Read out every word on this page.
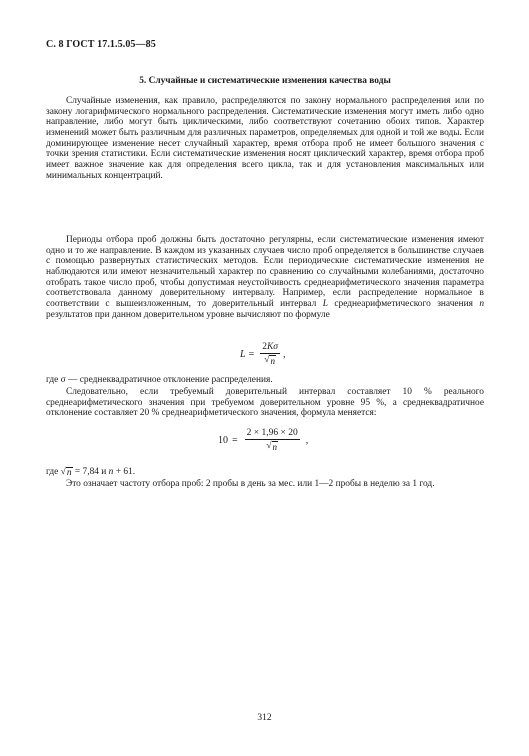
С. 8 ГОСТ 17.1.5.05—85
5. Случайные и систематические изменения качества воды

Случайные изменения, как правило, распределяются по закону нормального распределения или по закону логарифмического нормального распределения. Систематические изменения могут иметь либо одно направление, либо могут быть циклическими, либо соответствуют сочетанию обоих типов. Характер изменений может быть различным для различных параметров, определяемых для одной и той же воды. Если доминирующее изменение несет случайный характер, время отбора проб не имеет большого значения с точки зрения статистики. Если систематические изменения носят циклический характер, время отбора проб имеет важное значение как для определения всего цикла, так и для установления максимальных или минимальных концентраций.

Периоды отбора проб должны быть достаточно регулярны, если систематические изменения имеют одно и то же направление. В каждом из указанных случаев число проб определяется в большинстве случаев с помощью развернутых статистических методов. Если периодические систематические изменения не наблюдаются или имеют незначительный характер по сравнению со случайными колебаниями, достаточно отобрать такое число проб, чтобы допустимая неустойчивость среднеарифметического значения параметра соответствовала данному доверительному интервалу. Например, если распределение нормальное в соответствии с вышеизложенным, то доверительный интервал L среднеарифметического значения n результатов при данном доверительном уровне вычисляют по формуле

$L = \frac{2K\sigma}{√ n}$ ,

где σ — среднеквадратичное отклонение распределения.

Следовательно, если требуемый доверительный интервал составляет 10 % реального среднеарифметического значения при требуемом доверительном уровне 95 %, а среднеквадратичное отклонение составляет 20 % среднеарифметического значения, формула меняется:

$10 = \frac{2 \times 1,96 \times 20}{√ n}$ ,

где √ n = 7,84 и n + 61.

Это означает частоту отбора проб: 2 пробы в день за мес. или 1—2 пробы в неделю за 1 год.

312
